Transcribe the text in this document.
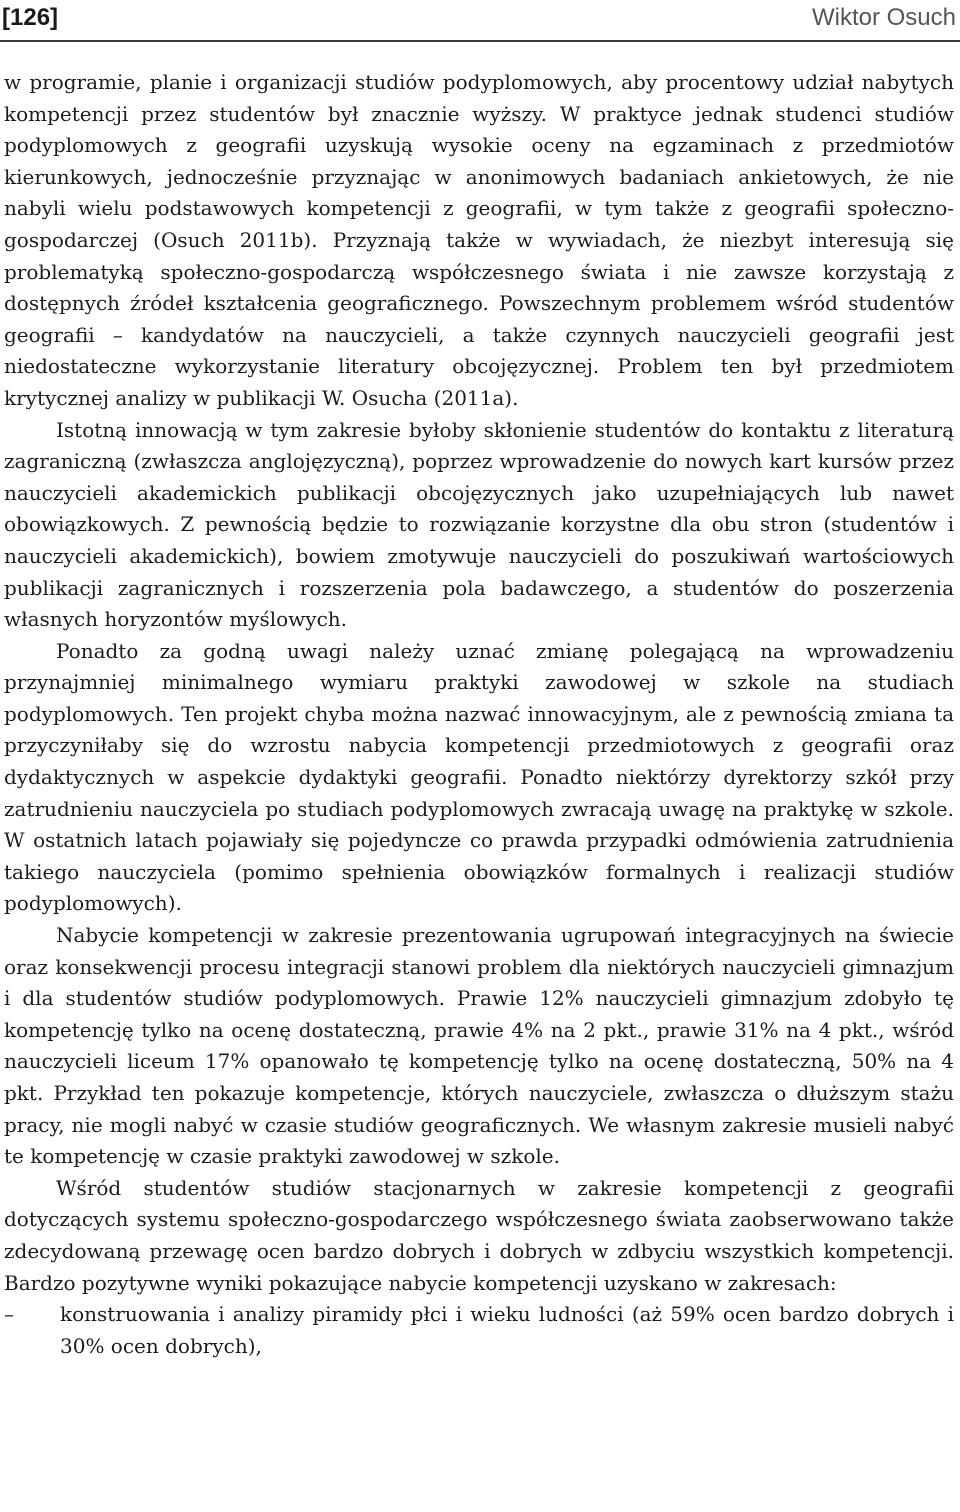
[126]	Wiktor Osuch

w programie, planie i organizacji studiów podyplomowych, aby procentowy udział nabytych kompetencji przez studentów był znacznie wyższy. W praktyce jednak studenci studiów podyplomowych z geografii uzyskują wysokie oceny na egzaminach z przedmiotów kierunkowych, jednocześnie przyznając w anonimowych badaniach ankietowych, że nie nabyli wielu podstawowych kompetencji z geografii, w tym także z geografii społeczno-gospodarczej (Osuch 2011b). Przyznają także w wywiadach, że niezbyt interesują się problematyką społeczno-gospodarczą współczesnego świata i nie zawsze korzystają z dostępnych źródeł kształcenia geograficznego. Powszechnym problemem wśród studentów geografii – kandydatów na nauczycieli, a także czynnych nauczycieli geografii jest niedostateczne wykorzystanie literatury obcojęzycznej. Problem ten był przedmiotem krytycznej analizy w publikacji W. Osucha (2011a).

Istotną innowacją w tym zakresie byłoby skłonienie studentów do kontaktu z literaturą zagraniczną (zwłaszcza anglojęzyczną), poprzez wprowadzenie do nowych kart kursów przez nauczycieli akademickich publikacji obcojęzycznych jako uzupełniających lub nawet obowiązkowych. Z pewnością będzie to rozwiązanie korzystne dla obu stron (studentów i nauczycieli akademickich), bowiem zmotywuje nauczycieli do poszukiwań wartościowych publikacji zagranicznych i rozszerzenia pola badawczego, a studentów do poszerzenia własnych horyzontów myślowych.

Ponadto za godną uwagi należy uznać zmianę polegającą na wprowadzeniu przynajmniej minimalnego wymiaru praktyki zawodowej w szkole na studiach podyplomowych. Ten projekt chyba można nazwać innowacyjnym, ale z pewnością zmiana ta przyczyniłaby się do wzrostu nabycia kompetencji przedmiotowych z geografii oraz dydaktycznych w aspekcie dydaktyki geografii. Ponadto niektórzy dyrektorzy szkół przy zatrudnieniu nauczyciela po studiach podyplomowych zwracają uwagę na praktykę w szkole. W ostatnich latach pojawiały się pojedyncze co prawda przypadki odmówienia zatrudnienia takiego nauczyciela (pomimo spełnienia obowiązków formalnych i realizacji studiów podyplomowych).

Nabycie kompetencji w zakresie prezentowania ugrupowań integracyjnych na świecie oraz konsekwencji procesu integracji stanowi problem dla niektórych nauczycieli gimnazjum i dla studentów studiów podyplomowych. Prawie 12% nauczycieli gimnazjum zdobyło tę kompetencję tylko na ocenę dostateczną, prawie 4% na 2 pkt., prawie 31% na 4 pkt., wśród nauczycieli liceum 17% opanowało tę kompetencję tylko na ocenę dostateczną, 50% na 4 pkt. Przykład ten pokazuje kompetencje, których nauczyciele, zwłaszcza o dłuższym stażu pracy, nie mogli nabyć w czasie studiów geograficznych. We własnym zakresie musieli nabyć te kompetencję w czasie praktyki zawodowej w szkole.

Wśród studentów studiów stacjonarnych w zakresie kompetencji z geografii dotyczących systemu społeczno-gospodarczego współczesnego świata zaobserwowano także zdecydowaną przewagę ocen bardzo dobrych i dobrych w zdbyciu wszystkich kompetencji. Bardzo pozytywne wyniki pokazujące nabycie kompetencji uzyskano w zakresach:

– konstruowania i analizy piramidy płci i wieku ludności (aż 59% ocen bardzo dobrych i 30% ocen dobrych),
